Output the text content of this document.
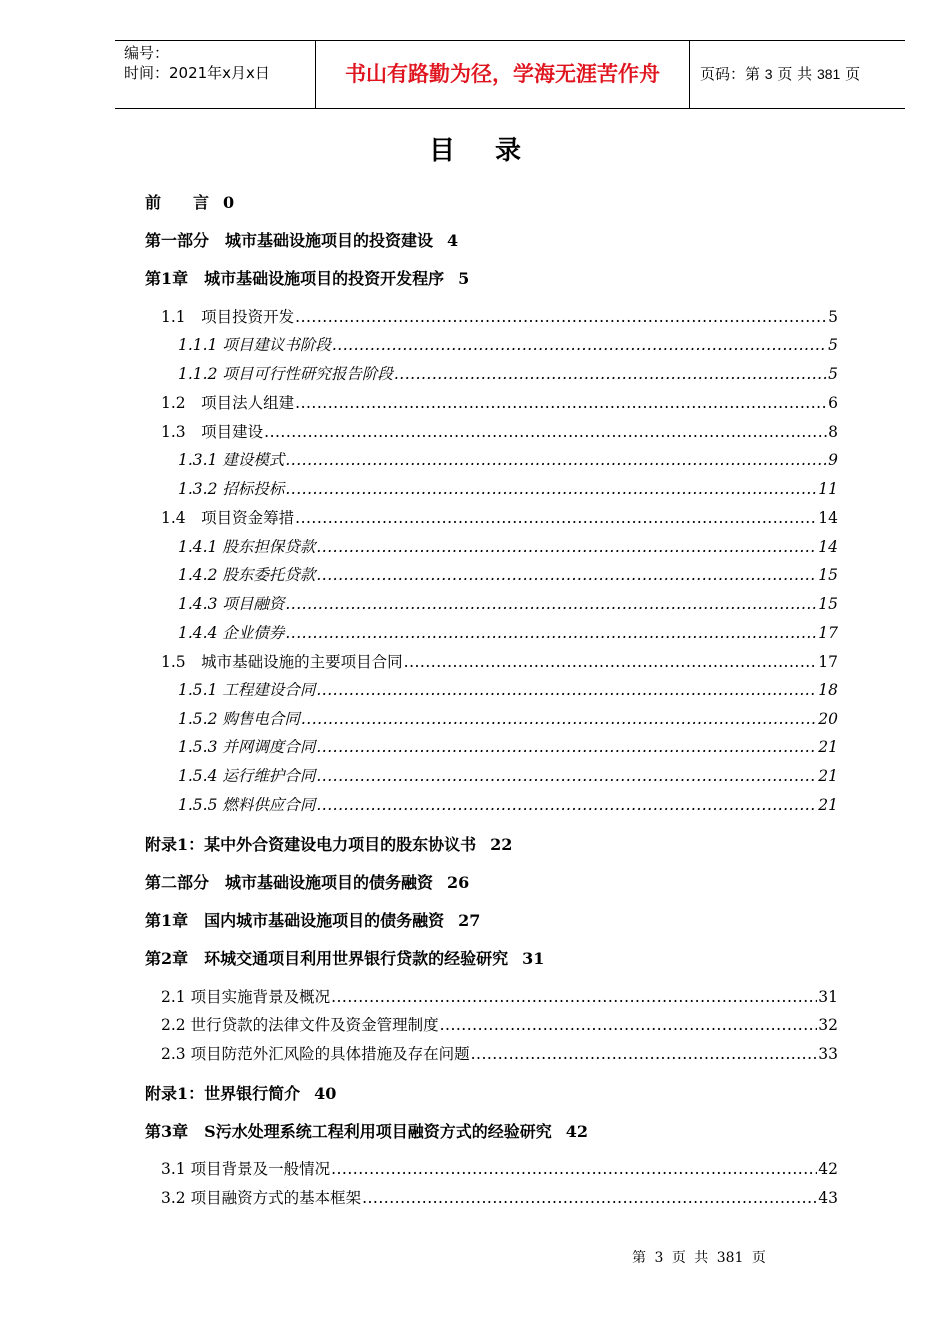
编号：
时间：2021年x月x日	书山有路勤为径，学海无涯苦作舟	页码：第 3 页 共 381 页
目录
前　　言 0
第一部分　城市基础设施项目的投资建设 4
第1章　城市基础设施项目的投资开发程序 5
1.1　项目投资开发 .....	5
1.1.1 项目建议书阶段 .....	5
1.1.2 项目可行性研究报告阶段 .....	5
1.2　项目法人组建 .....	6
1.3　项目建设 .....	8
1.3.1 建设模式 .....	9
1.3.2 招标投标 .....	11
1.4　项目资金筹措 .....	14
1.4.1 股东担保贷款 .....	14
1.4.2 股东委托贷款 .....	15
1.4.3 项目融资 .....	15
1.4.4 企业债券 .....	17
1.5　城市基础设施的主要项目合同 .....	17
1.5.1 工程建设合同 .....	18
1.5.2 购售电合同 .....	20
1.5.3 并网调度合同 .....	21
1.5.4 运行维护合同 .....	21
1.5.5 燃料供应合同 .....	21
附录1：某中外合资建设电力项目的股东协议书 22
第二部分　城市基础设施项目的债务融资 26
第1章　国内城市基础设施项目的债务融资 27
第2章　环城交通项目利用世界银行贷款的经验研究 31
2.1 项目实施背景及概况 .....	31
2.2 世行贷款的法律文件及资金管理制度 .....	32
2.3 项目防范外汇风险的具体措施及存在问题 .....	33
附录1：世界银行简介 40
第3章　S污水处理系统工程利用项目融资方式的经验研究 42
3.1 项目背景及一般情况 .....	42
3.2 项目融资方式的基本框架 .....	43
第 3 页 共 381 页
